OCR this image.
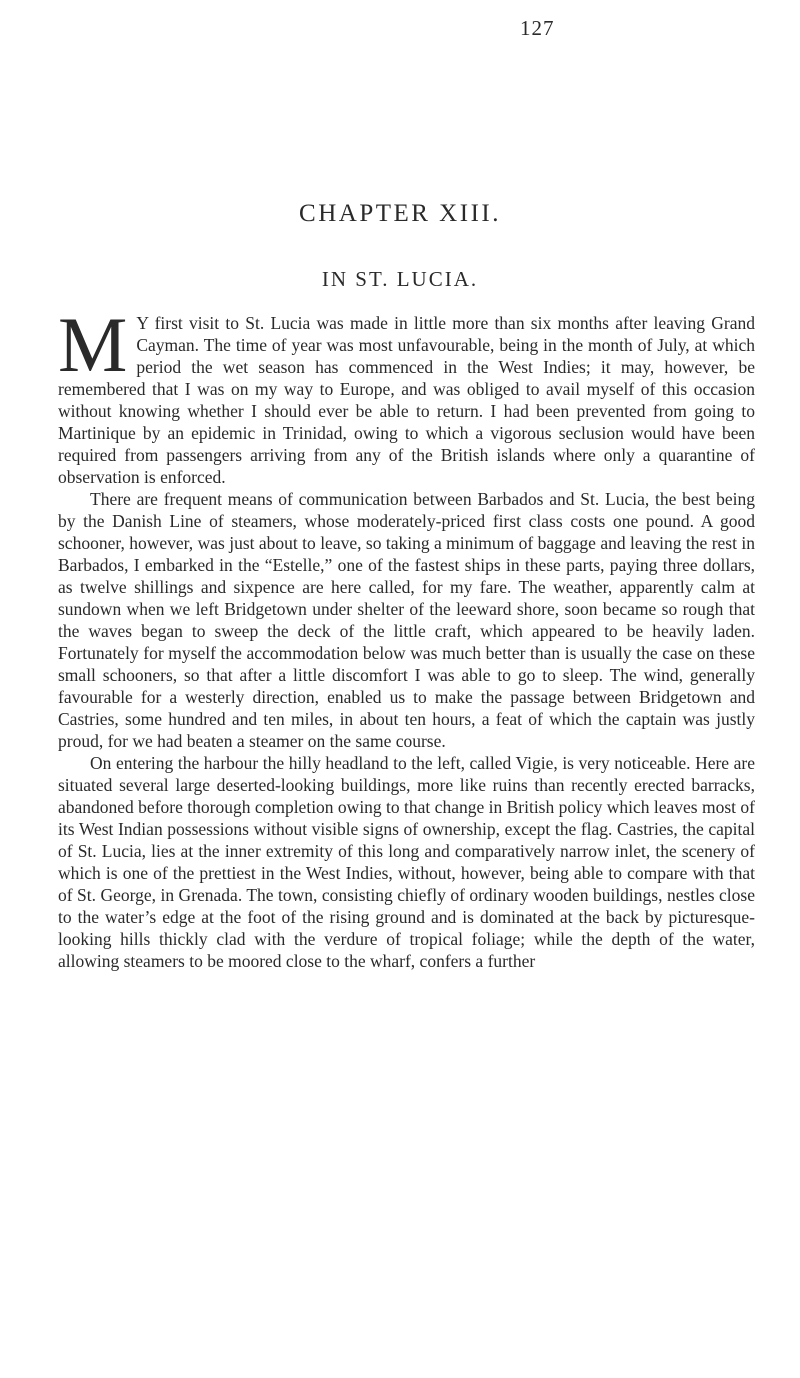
127
CHAPTER XIII.
IN ST. LUCIA.

M Y first visit to St. Lucia was made in little more than six months after leaving Grand Cayman. The time of year was most unfavourable, being in the month of July, at which period the wet season has commenced in the West Indies; it may, however, be remembered that I was on my way to Europe, and was obliged to avail myself of this occasion without knowing whether I should ever be able to return. I had been prevented from going to Martinique by an epidemic in Trinidad, owing to which a vigorous seclusion would have been required from passengers arriving from any of the British islands where only a quarantine of observation is enforced.

There are frequent means of communication between Barbados and St. Lucia, the best being by the Danish Line of steamers, whose moderately-priced first class costs one pound. A good schooner, however, was just about to leave, so taking a minimum of baggage and leaving the rest in Barbados, I embarked in the “Estelle,” one of the fastest ships in these parts, paying three dollars, as twelve shillings and sixpence are here called, for my fare. The weather, apparently calm at sundown when we left Bridgetown under shelter of the leeward shore, soon became so rough that the waves began to sweep the deck of the little craft, which appeared to be heavily laden. Fortunately for myself the accommodation below was much better than is usually the case on these small schooners, so that after a little discomfort I was able to go to sleep. The wind, generally favourable for a westerly direction, enabled us to make the passage between Bridgetown and Castries, some hundred and ten miles, in about ten hours, a feat of which the captain was justly proud, for we had beaten a steamer on the same course.

On entering the harbour the hilly headland to the left, called Vigie, is very noticeable. Here are situated several large deserted-looking buildings, more like ruins than recently erected barracks, abandoned before thorough completion owing to that change in British policy which leaves most of its West Indian possessions without visible signs of ownership, except the flag. Castries, the capital of St. Lucia, lies at the inner extremity of this long and comparatively narrow inlet, the scenery of which is one of the prettiest in the West Indies, without, however, being able to compare with that of St. George, in Grenada. The town, consisting chiefly of ordinary wooden buildings, nestles close to the water’s edge at the foot of the rising ground and is dominated at the back by picturesque-looking hills thickly clad with the verdure of tropical foliage; while the depth of the water, allowing steamers to be moored close to the wharf, confers a further
